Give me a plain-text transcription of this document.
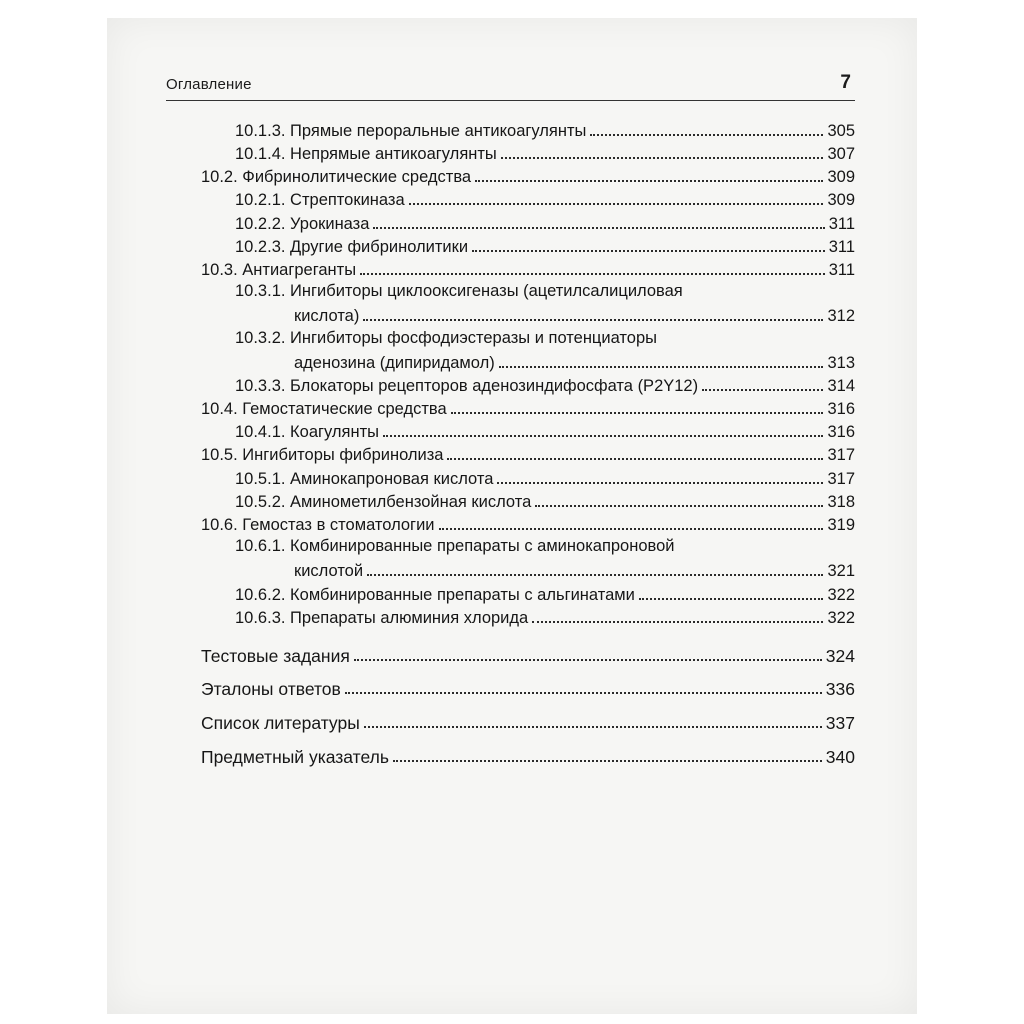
Оглавление	7
10.1.3. Прямые пероральные антикоагулянты	305
10.1.4. Непрямые антикоагулянты	307
10.2. Фибринолитические средства	309
10.2.1. Стрептокиназа	309
10.2.2. Урокиназа	311
10.2.3. Другие фибринолитики	311
10.3. Антиагреганты	311
10.3.1. Ингибиторы циклооксигеназы (ацетилсалициловая
кислота)	312
10.3.2. Ингибиторы фосфодиэстеразы и потенциаторы
аденозина (дипиридамол)	313
10.3.3. Блокаторы рецепторов аденозиндифосфата (P2Y12)	314
10.4. Гемостатические средства	316
10.4.1. Коагулянты	316
10.5. Ингибиторы фибринолиза	317
10.5.1. Аминокапроновая кислота	317
10.5.2. Аминометилбензойная кислота	318
10.6. Гемостаз в стоматологии	319
10.6.1. Комбинированные препараты с аминокапроновой
кислотой	321
10.6.2. Комбинированные препараты с альгинатами	322
10.6.3. Препараты алюминия хлорида	322
Тестовые задания	324
Эталоны ответов	336
Список литературы	337
Предметный указатель	340
